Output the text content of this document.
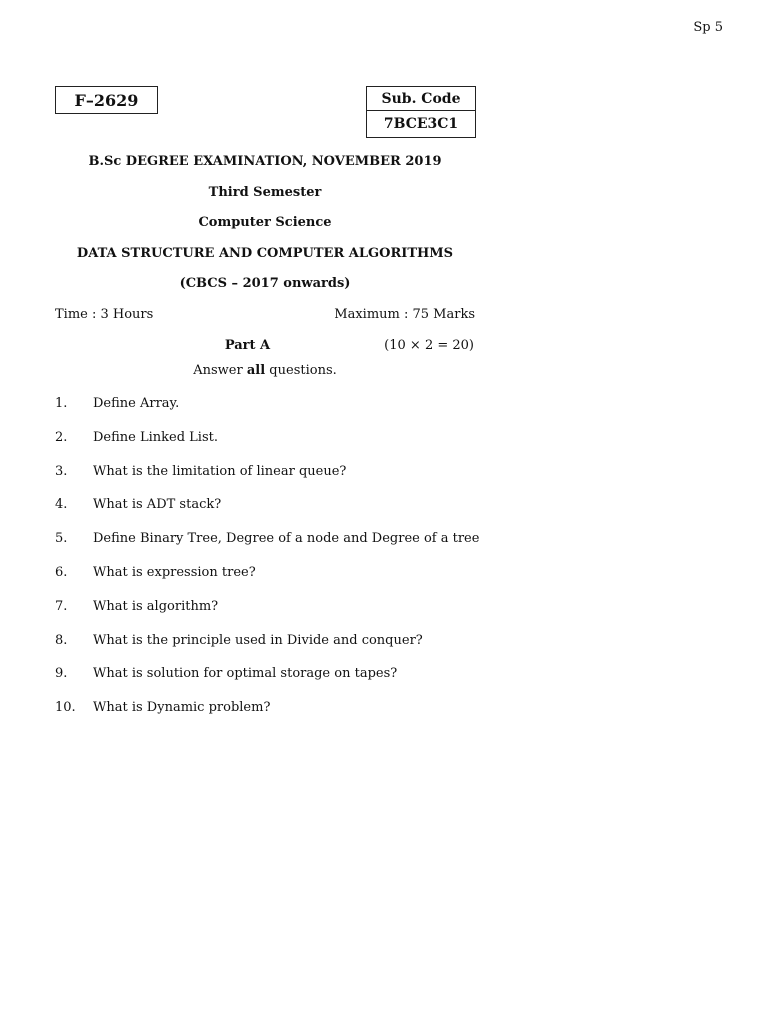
Sp 5
F–2629	Sub. Code
7BCE3C1
B.Sc DEGREE EXAMINATION, NOVEMBER 2019
Third Semester
Computer Science
DATA STRUCTURE AND COMPUTER ALGORITHMS
(CBCS – 2017 onwards)
Time : 3 Hours	Maximum : 75 Marks
Part A	(10 × 2 = 20)
Answer all questions.
1.	Define Array.
2.	Define Linked List.
3.	What is the limitation of linear queue?
4.	What is ADT stack?
5.	Define Binary Tree, Degree of a node and Degree of a tree
6.	What is expression tree?
7.	What is algorithm?
8.	What is the principle used in Divide and conquer?
9.	What is solution for optimal storage on tapes?
10.	What is Dynamic problem?
